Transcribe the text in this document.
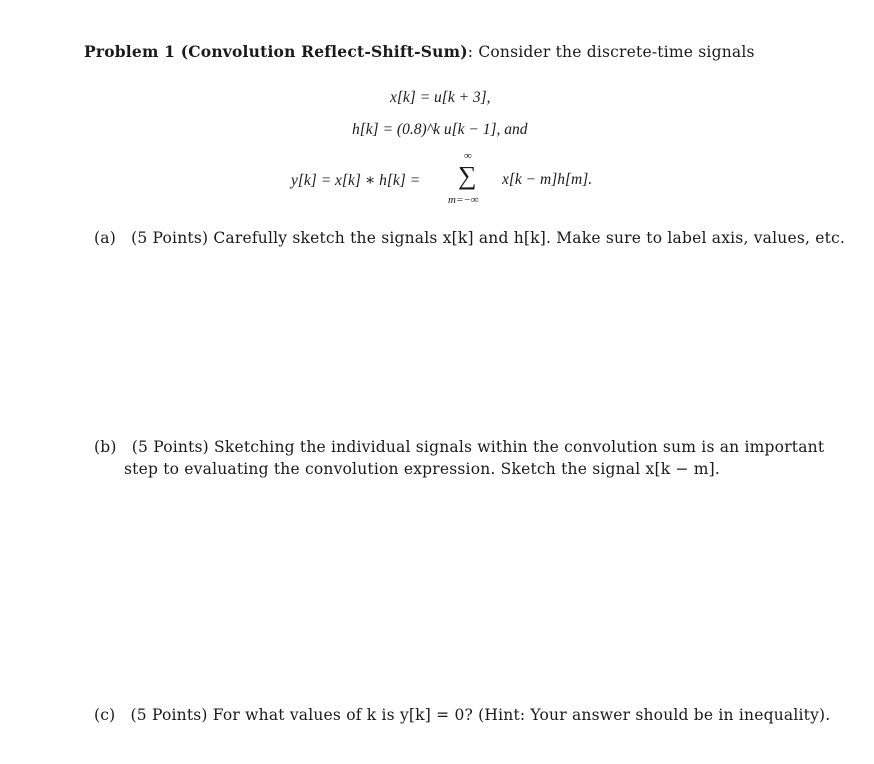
Problem 1 (Convolution Reflect-Shift-Sum): Consider the discrete-time signals
x[k] = u[k + 3],
h[k] = (0.8)^k u[k − 1], and
y[k] = x[k] ∗ h[k] =
∞
∑
m=−∞
x[k − m]h[m].
(a) (5 Points) Carefully sketch the signals x[k] and h[k]. Make sure to label axis, values, etc.
(b) (5 Points) Sketching the individual signals within the convolution sum is an important
step to evaluating the convolution expression. Sketch the signal x[k − m].
(c) (5 Points) For what values of k is y[k] = 0? (Hint: Your answer should be in inequality).
